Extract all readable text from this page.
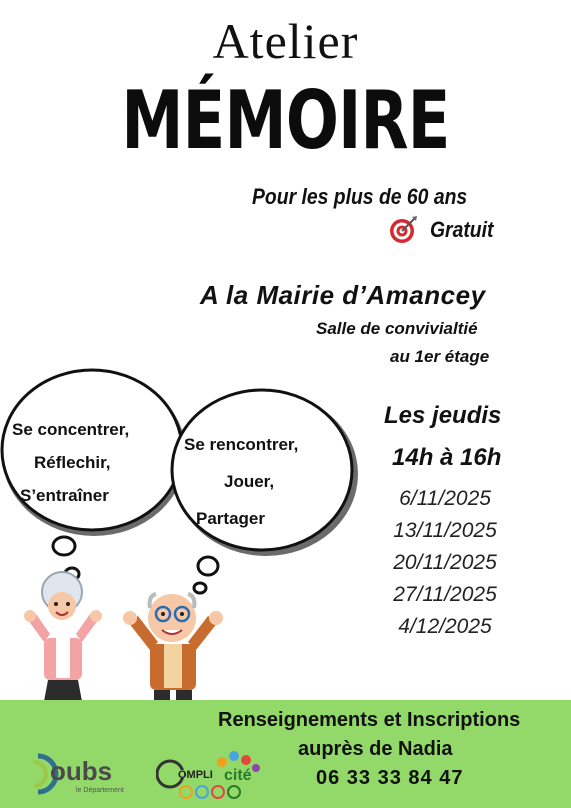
Atelier
MÉMOIRE
Pour les plus de 60 ans
Gratuit
A la Mairie d’Amancey
Salle de convivialtié
au 1er étage
Les jeudis
14h à 16h
6/11/2025
13/11/2025
20/11/2025
27/11/2025
4/12/2025
Se concentrer,
Réflechir,
S’entraîner
Se rencontrer,
Jouer,
Partager
Renseignements et Inscriptions
auprès de Nadia
06 33 33 84 47
oubs
le Département
OMPLI cité
